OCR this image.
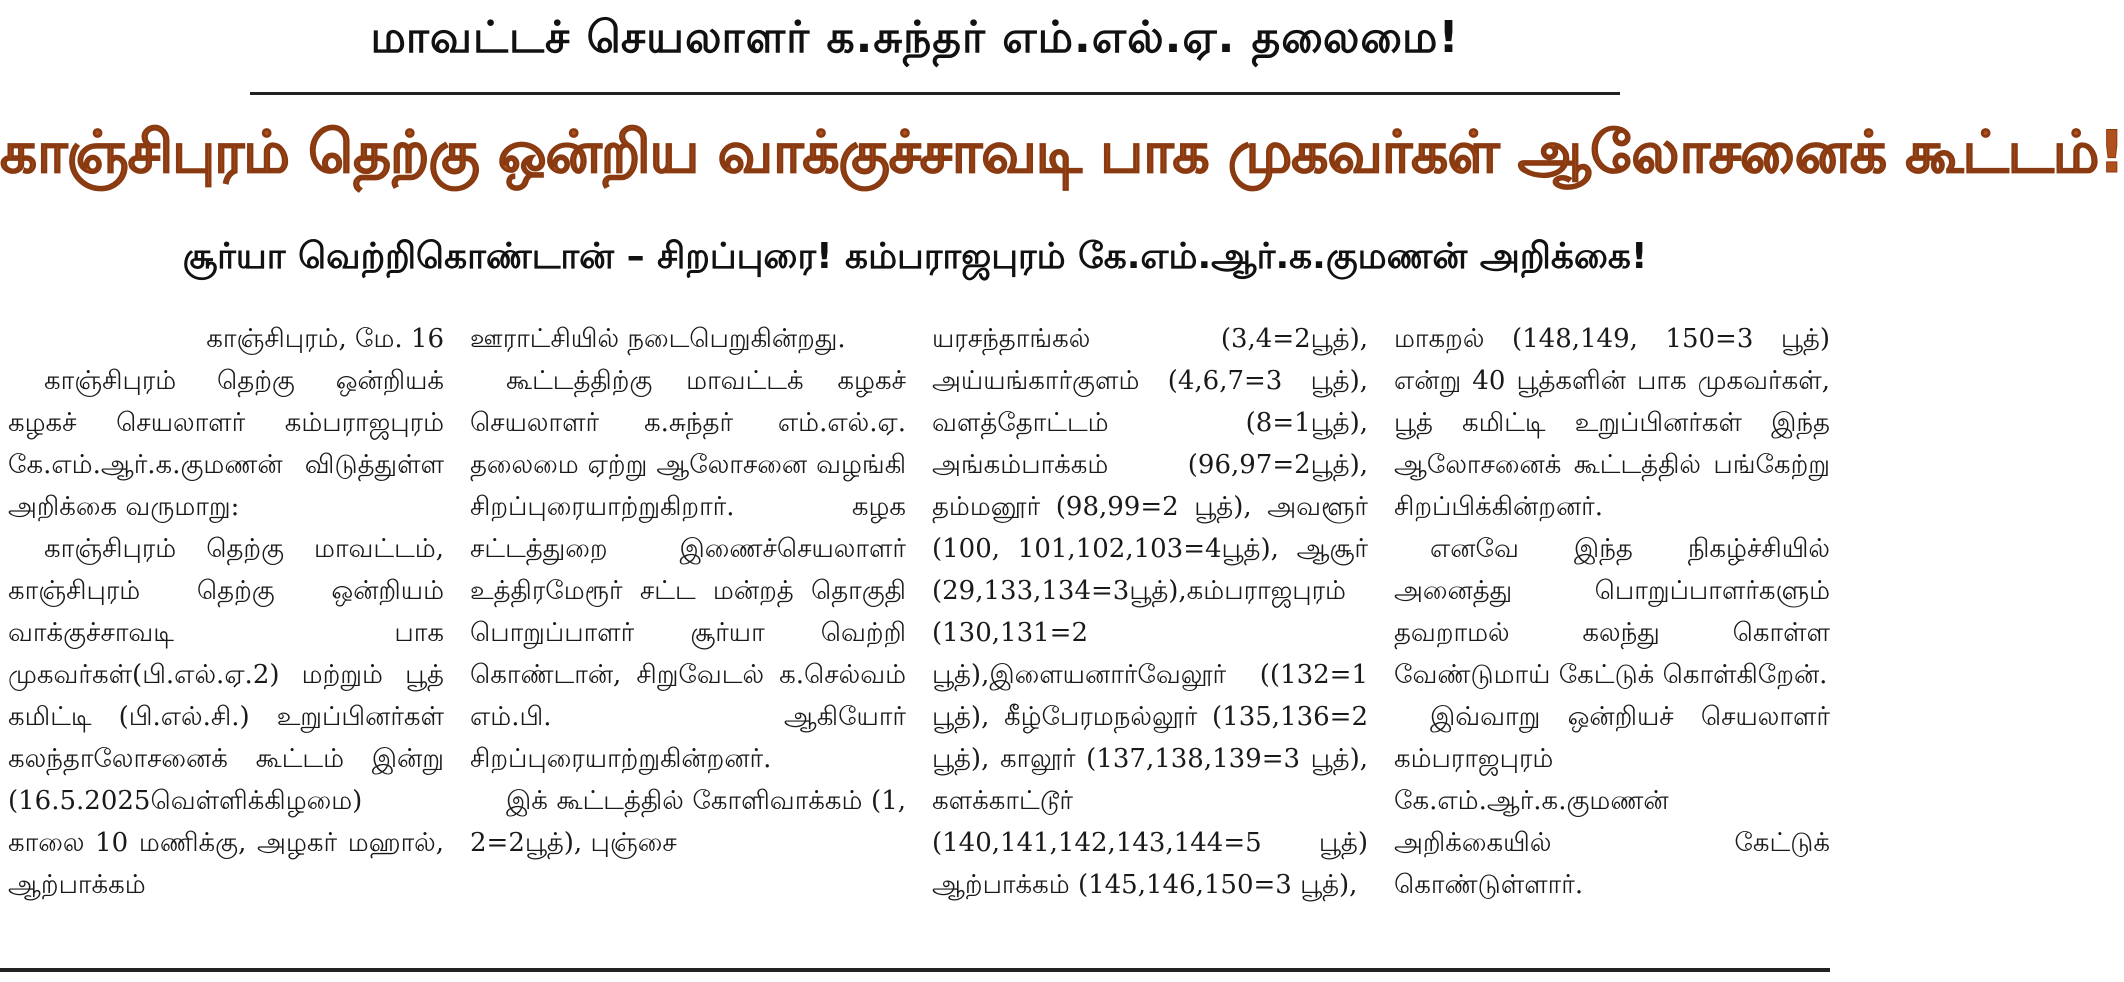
மாவட்டச் செயலாளர் க.சுந்தர் எம்.எல்.ஏ. தலைமை!
காஞ்சிபுரம் தெற்கு ஒன்றிய வாக்குச்சாவடி பாக முகவர்கள் ஆலோசனைக் கூட்டம்!
சூர்யா வெற்றிகொண்டான் – சிறப்புரை! கம்பராஜபுரம் கே.எம்.ஆர்.க.குமணன் அறிக்கை!

காஞ்சிபுரம், மே. 16

காஞ்சிபுரம் தெற்கு ஒன்றியக் கழகச் செயலாளர் கம்பராஜபுரம் கே.எம்.ஆர்.க.குமணன் விடுத்துள்ள அறிக்கை வருமாறு:

காஞ்சிபுரம் தெற்கு மாவட்டம், காஞ்சிபுரம் தெற்கு ஒன்றியம் வாக்குச்சாவடி பாக முகவர்கள்(பி.எல்.ஏ.2) மற்றும் பூத் கமிட்டி (பி.எல்.சி.) உறுப்பினர்கள் கலந்தாலோசனைக் கூட்டம் இன்று (16.5.2025வெள்ளிக்கிழமை) காலை 10 மணிக்கு, அழகர் மஹால், ஆற்பாக்கம்

ஊராட்சியில் நடைபெறுகின்றது.

கூட்டத்திற்கு மாவட்டக் கழகச் செயலாளர் க.சுந்தர் எம்.எல்.ஏ. தலைமை ஏற்று ஆலோசனை வழங்கி சிறப்புரையாற்றுகிறார். கழக சட்டத்துறை இணைச்செயலாளர் உத்திரமேரூர் சட்ட மன்றத் தொகுதி பொறுப்பாளர் சூர்யா வெற்றி கொண்டான், சிறுவேடல் க.செல்வம் எம்.பி. ஆகியோர் சிறப்புரையாற்றுகின்றனர்.

இக் கூட்டத்தில் கோளிவாக்கம் (1, 2=2பூத்), புஞ்சை

யரசந்தாங்கல் (3,4=2பூத்), அய்யங்கார்குளம் (4,6,7=3 பூத்), வளத்தோட்டம் (8=1பூத்), அங்கம்பாக்கம் (96,97=2பூத்), தம்மனூர் (98,99=2 பூத்), அவளூர் (100, 101,102,103=4பூத்), ஆசூர் (29,133,134=3பூத்),கம்பராஜபுரம் (130,131=2 பூத்),இளையனார்வேலூர் ((132=1 பூத்), கீழ்பேரமநல்லூர் (135,136=2 பூத்), காலூர் (137,138,139=3 பூத்), களக்காட்டூர் (140,141,142,143,144=5 பூத்) ஆற்பாக்கம் (145,146,150=3 பூத்),

மாகறல் (148,149, 150=3 பூத்) என்று 40 பூத்களின் பாக முகவர்கள், பூத் கமிட்டி உறுப்பினர்கள் இந்த ஆலோசனைக் கூட்டத்தில் பங்கேற்று சிறப்பிக்கின்றனர்.

எனவே இந்த நிகழ்ச்சியில் அனைத்து பொறுப்பாளர்களும் தவறாமல் கலந்து கொள்ள வேண்டுமாய் கேட்டுக் கொள்கிறேன்.

இவ்வாறு ஒன்றியச் செயலாளர் கம்பராஜபுரம் கே.எம்.ஆர்.க.குமணன் அறிக்கையில் கேட்டுக் கொண்டுள்ளார்.
